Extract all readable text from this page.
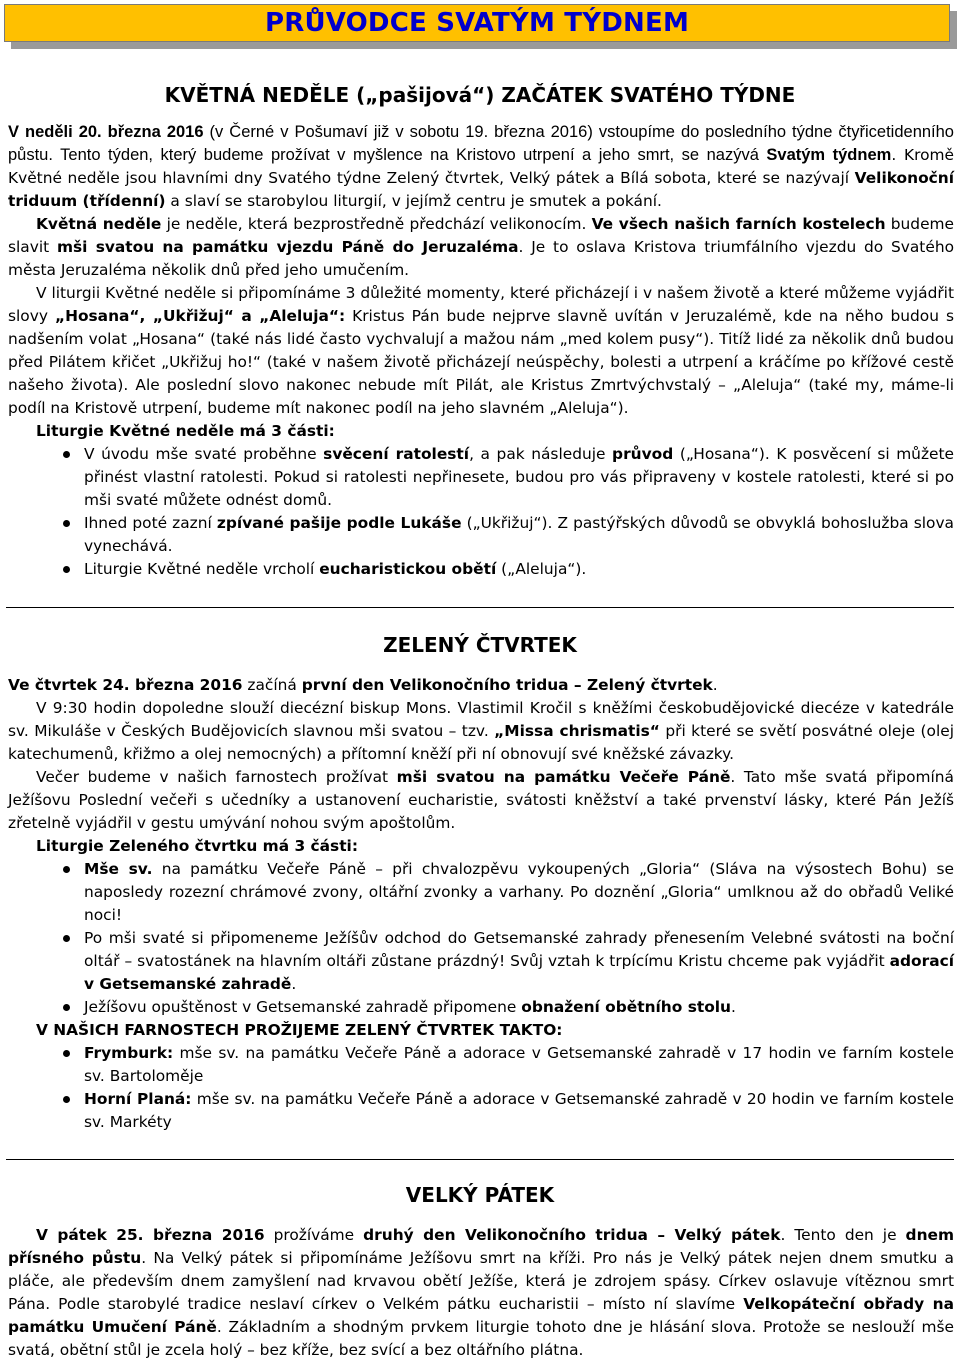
PRŮVODCE SVATÝM TÝDNEM
KVĚTNÁ NEDĚLE („pašijová“) ZAČÁTEK SVATÉHO TÝDNE

V neděli 20. března 2016 (v Černé v Pošumaví již v sobotu 19. března 2016) vstoupíme do posledního týdne čtyřicetidenního půstu. Tento týden, který budeme prožívat v myšlence na Kristovo utrpení a jeho smrt, se nazývá Svatým týdnem. Kromě Květné neděle jsou hlavními dny Svatého týdne Zelený čtvrtek, Velký pátek a Bílá sobota, které se nazývají Velikonoční triduum (třídenní) a slaví se starobylou liturgií, v jejímž centru je smutek a pokání.

Květná neděle je neděle, která bezprostředně předchází velikonocím. Ve všech našich farních kostelech budeme slavit mši svatou na památku vjezdu Páně do Jeruzaléma. Je to oslava Kristova triumfálního vjezdu do Svatého města Jeruzaléma několik dnů před jeho umučením.

V liturgii Květné neděle si připomínáme 3 důležité momenty, které přicházejí i v našem životě a které můžeme vyjádřit slovy „Hosana“, „Ukřižuj“ a „Aleluja“: Kristus Pán bude nejprve slavně uvítán v Jeruzalémě, kde na něho budou s nadšením volat „Hosana“ (také nás lidé často vychvalují a mažou nám „med kolem pusy“). Titíž lidé za několik dnů budou před Pilátem křičet „Ukřižuj ho!“ (také v našem životě přicházejí neúspěchy, bolesti a utrpení a kráčíme po křížové cestě našeho života). Ale poslední slovo nakonec nebude mít Pilát, ale Kristus Zmrtvýchvstalý – „Aleluja“ (také my, máme-li podíl na Kristově utrpení, budeme mít nakonec podíl na jeho slavném „Aleluja“).

Liturgie Květné neděle má 3 části:

V úvodu mše svaté proběhne svěcení ratolestí, a pak následuje průvod („Hosana“). K posvěcení si můžete přinést vlastní ratolesti. Pokud si ratolesti nepřinesete, budou pro vás připraveny v kostele ratolesti, které si po mši svaté můžete odnést domů.
Ihned poté zazní zpívané pašije podle Lukáše („Ukřižuj“). Z pastýřských důvodů se obvyklá bohoslužba slova vynechává.
Liturgie Květné neděle vrcholí eucharistickou obětí („Aleluja“).
ZELENÝ ČTVRTEK

Ve čtvrtek 24. března 2016 začíná první den Velikonočního tridua – Zelený čtvrtek.

V 9:30 hodin dopoledne slouží diecézní biskup Mons. Vlastimil Kročil s kněžími českobudějovické diecéze v katedrále sv. Mikuláše v Českých Budějovicích slavnou mši svatou – tzv. „Missa chrismatis“ při které se světí posvátné oleje (olej katechumenů, křižmo a olej nemocných) a přítomní kněží při ní obnovují své kněžské závazky.

Večer budeme v našich farnostech prožívat mši svatou na památku Večeře Páně. Tato mše svatá připomíná Ježíšovu Poslední večeři s učedníky a ustanovení eucharistie, svátosti kněžství a také prvenství lásky, které Pán Ježíš zřetelně vyjádřil v gestu umývání nohou svým apoštolům.

Liturgie Zeleného čtvrtku má 3 části:

Mše sv. na památku Večeře Páně – při chvalozpěvu vykoupených „Gloria“ (Sláva na výsostech Bohu) se naposledy rozezní chrámové zvony, oltářní zvonky a varhany. Po doznění „Gloria“ umlknou až do obřadů Veliké noci!
Po mši svaté si připomeneme Ježíšův odchod do Getsemanské zahrady přenesením Velebné svátosti na boční oltář – svatostánek na hlavním oltáři zůstane prázdný! Svůj vztah k trpícímu Kristu chceme pak vyjádřit adorací v Getsemanské zahradě.
Ježíšovu opuštěnost v Getsemanské zahradě připomene obnažení obětního stolu.

V NAŠICH FARNOSTECH PROŽIJEME ZELENÝ ČTVRTEK TAKTO:

Frymburk: mše sv. na památku Večeře Páně a adorace v Getsemanské zahradě v 17 hodin ve farním kostele sv. Bartoloměje
Horní Planá: mše sv. na památku Večeře Páně a adorace v Getsemanské zahradě v 20 hodin ve farním kostele sv. Markéty
VELKÝ PÁTEK

V pátek 25. března 2016 prožíváme druhý den Velikonočního tridua – Velký pátek. Tento den je dnem přísného půstu. Na Velký pátek si připomínáme Ježíšovu smrt na kříži. Pro nás je Velký pátek nejen dnem smutku a pláče, ale především dnem zamyšlení nad krvavou obětí Ježíše, která je zdrojem spásy. Církev oslavuje vítěznou smrt Pána. Podle starobylé tradice neslaví církev o Velkém pátku eucharistii – místo ní slavíme Velkopáteční obřady na památku Umučení Páně. Základním a shodným prvkem liturgie tohoto dne je hlásání slova. Protože se neslouží mše svatá, obětní stůl je zcela holý – bez kříže, bez svící a bez oltářního plátna.
